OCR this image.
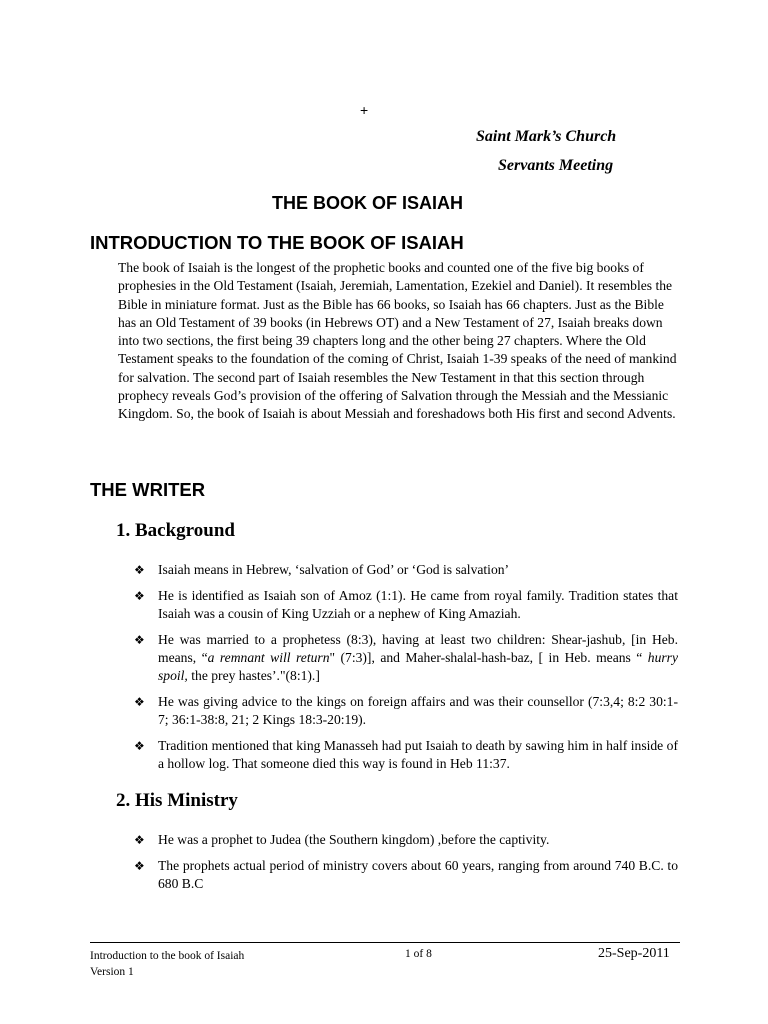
+
Saint Mark’s Church
Servants Meeting
THE BOOK OF ISAIAH
INTRODUCTION TO THE BOOK OF ISAIAH

The book of Isaiah is the longest of the prophetic books and counted one of the five big books of prophesies in the Old Testament (Isaiah, Jeremiah, Lamentation, Ezekiel and Daniel). It resembles the Bible in miniature format. Just as the Bible has 66 books, so Isaiah has 66 chapters. Just as the Bible has an Old Testament of 39 books (in Hebrews OT) and a New Testament of 27, Isaiah breaks down into two sections, the first being 39 chapters long and the other being 27 chapters. Where the Old Testament speaks to the foundation of the coming of Christ, Isaiah 1-39 speaks of the need of mankind for salvation. The second part of Isaiah resembles the New Testament in that this section through prophecy reveals God’s provision of the offering of Salvation through the Messiah and the Messianic Kingdom. So, the book of Isaiah is about Messiah and foreshadows both His first and second Advents.

THE WRITER
1. Background
❖ Isaiah means in Hebrew, ‘salvation of God’ or ‘God is salvation’
❖ He is identified as Isaiah son of Amoz (1:1). He came from royal family. Tradition states that Isaiah was a cousin of King Uzziah or a nephew of King Amaziah.
❖ He was married to a prophetess (8:3), having at least two children: Shear-jashub, [in Heb. means, “a remnant will return" (7:3)], and Maher-shalal-hash-baz, [ in Heb. means “ hurry spoil, the prey hastes’."(8:1).]
❖ He was giving advice to the kings on foreign affairs and was their counsellor (7:3,4; 8:2 30:1-7; 36:1-38:8, 21; 2 Kings 18:3-20:19).
❖ Tradition mentioned that king Manasseh had put Isaiah to death by sawing him in half inside of a hollow log. That someone died this way is found in Heb 11:37.
2. His Ministry
❖ He was a prophet to Judea (the Southern kingdom) ,before the captivity.
❖ The prophets actual period of ministry covers about 60 years, ranging from around 740 B.C. to 680 B.C
Introduction to the book of Isaiah
Version 1
1 of 8	25-Sep-2011
